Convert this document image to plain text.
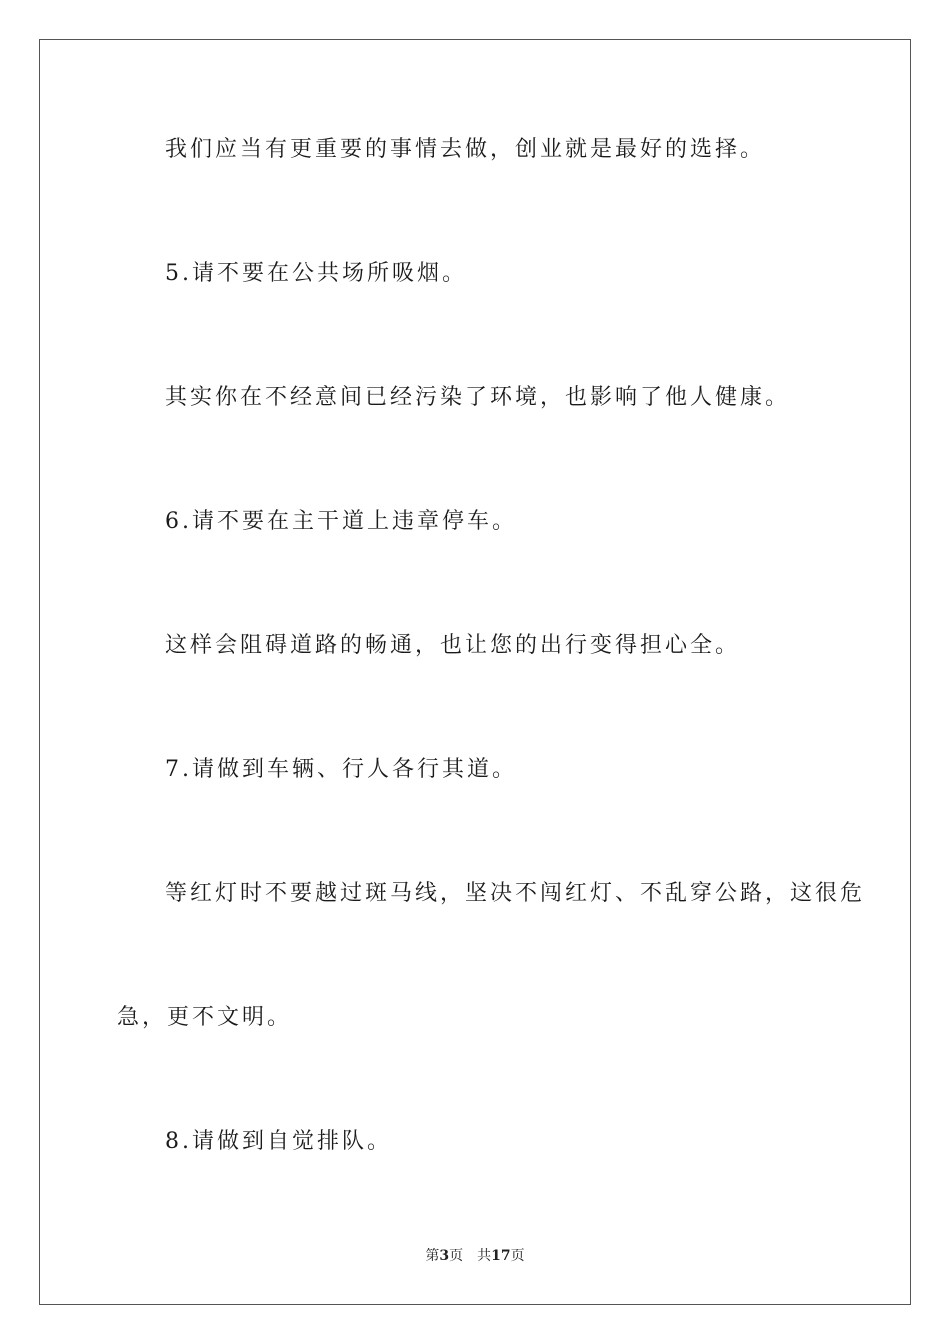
我们应当有更重要的事情去做，创业就是最好的选择。

5.请不要在公共场所吸烟。

其实你在不经意间已经污染了环境，也影响了他人健康。

6.请不要在主干道上违章停车。

这样会阻碍道路的畅通，也让您的出行变得担心全。

7.请做到车辆、行人各行其道。

等红灯时不要越过斑马线，坚决不闯红灯、不乱穿公路，这很危

急，更不文明。

8.请做到自觉排队。

第3页 共17页
